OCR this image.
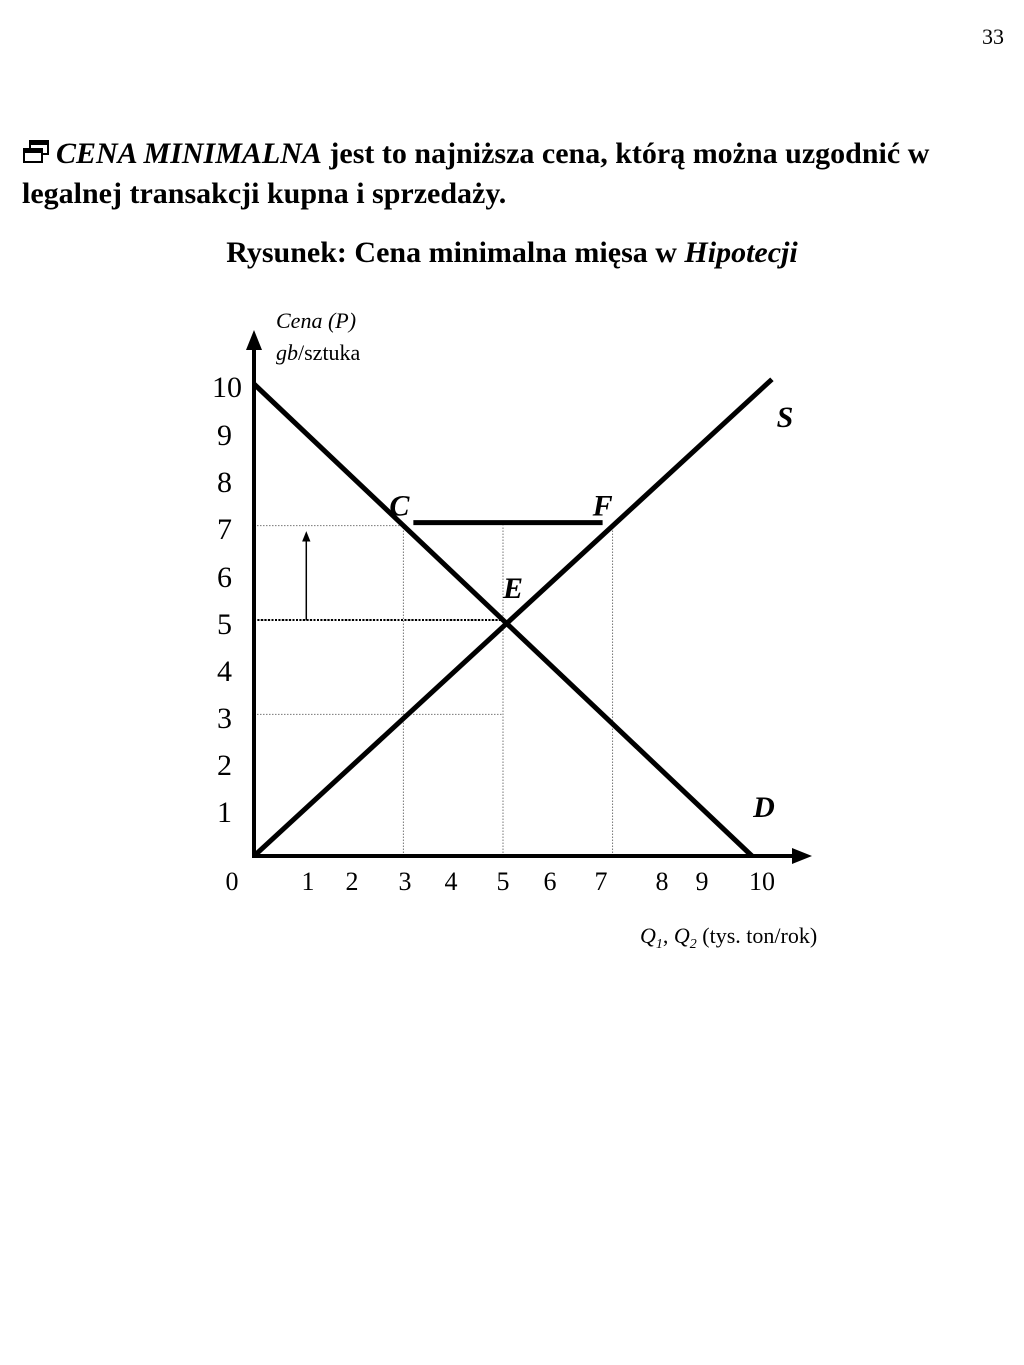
33
CENA MINIMALNA jest to najniższa cena, którą można uzgodnić w legalnej transakcji kupna i sprzedaży.
Rysunek: Cena minimalna mięsa w Hipotecji
D
S
C	F
E
1 2 3 4 5 6 7 8 9 10
1
2
3
4
5
6
7
8
9
10
Cena (P)
gb/sztuka
$Q_1$, $Q_2$ (tys. ton/rok)
0
